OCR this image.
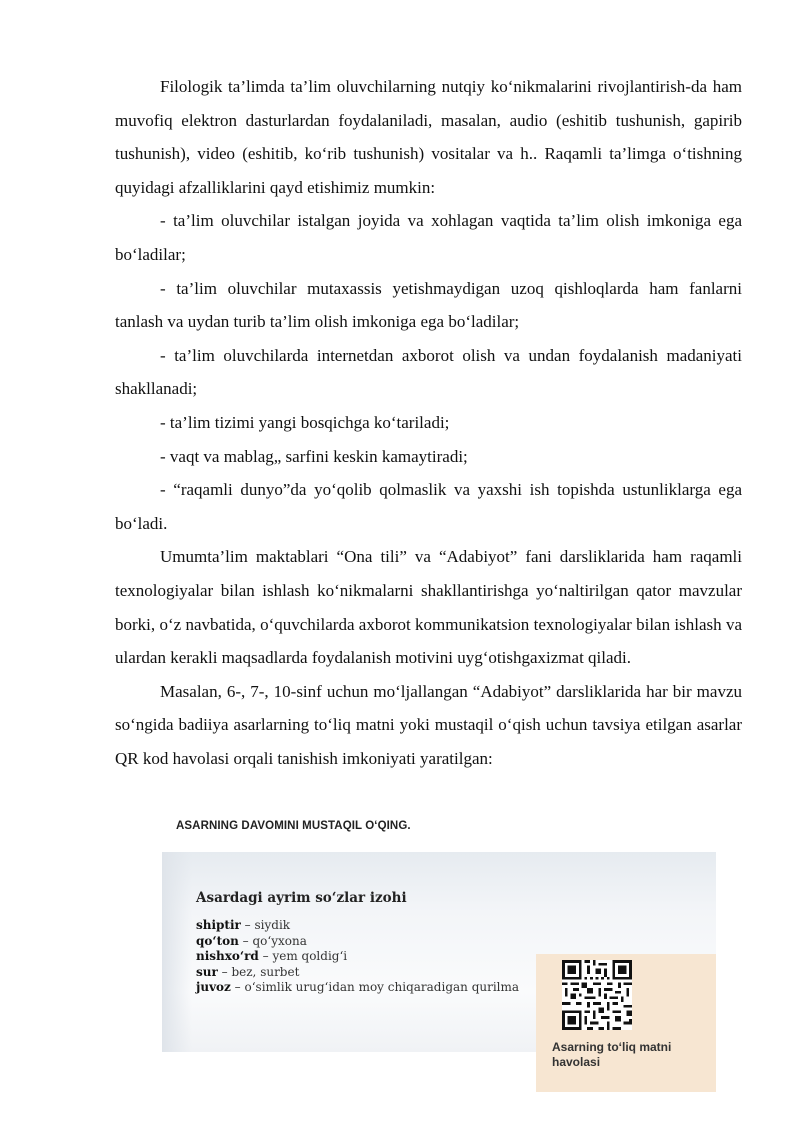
Filologik ta’limda ta’lim oluvchilarning nutqiy ko‘nikmalarini rivojlantirish-da ham muvofiq elektron dasturlardan foydalaniladi, masalan, audio (eshitib tushunish, gapirib tushunish), video (eshitib, ko‘rib tushunish) vositalar va h.. Raqamli ta’limga o‘tishning quyidagi afzalliklarini qayd etishimiz mumkin:

- ta’lim oluvchilar istalgan joyida va xohlagan vaqtida ta’lim olish imkoniga ega bo‘ladilar;

- ta’lim oluvchilar mutaxassis yetishmaydigan uzoq qishloqlarda ham fanlarni tanlash va uydan turib ta’lim olish imkoniga ega bo‘ladilar;

- ta’lim oluvchilarda internetdan axborot olish va undan foydalanish madaniyati shakllanadi;

- ta’lim tizimi yangi bosqichga ko‘tariladi;

- vaqt va mablag„ sarfini keskin kamaytiradi;

- “raqamli dunyo”da yo‘qolib qolmaslik va yaxshi ish topishda ustunliklarga ega bo‘ladi.

Umumta’lim maktablari “Ona tili” va “Adabiyot” fani darsliklarida ham raqamli texnologiyalar bilan ishlash ko‘nikmalarni shakllantirishga yo‘naltirilgan qator mavzular borki, o‘z navbatida, o‘quvchilarda axborot kommunikatsion texnologiyalar bilan ishlash va ulardan kerakli maqsadlarda foydalanish motivini uyg‘otishgaxizmat qiladi.

Masalan, 6-, 7-, 10-sinf uchun mo‘ljallangan “Adabiyot” darsliklarida har bir mavzu so‘ngida badiiya asarlarning to‘liq matni yoki mustaqil o‘qish uchun tavsiya etilgan asarlar QR kod havolasi orqali tanishish imkoniyati yaratilgan:

ASARNING DAVOMINI MUSTAQIL O‘QING.
Asardagi ayrim so‘zlar izohi
shiptir – siydik
qo‘ton – qo‘yxona
nishxo‘rd – yem qoldig‘i
sur – bez, surbet
juvoz – o‘simlik urug‘idan moy chiqaradigan qurilma
Asarning to‘liq matni havolasi
